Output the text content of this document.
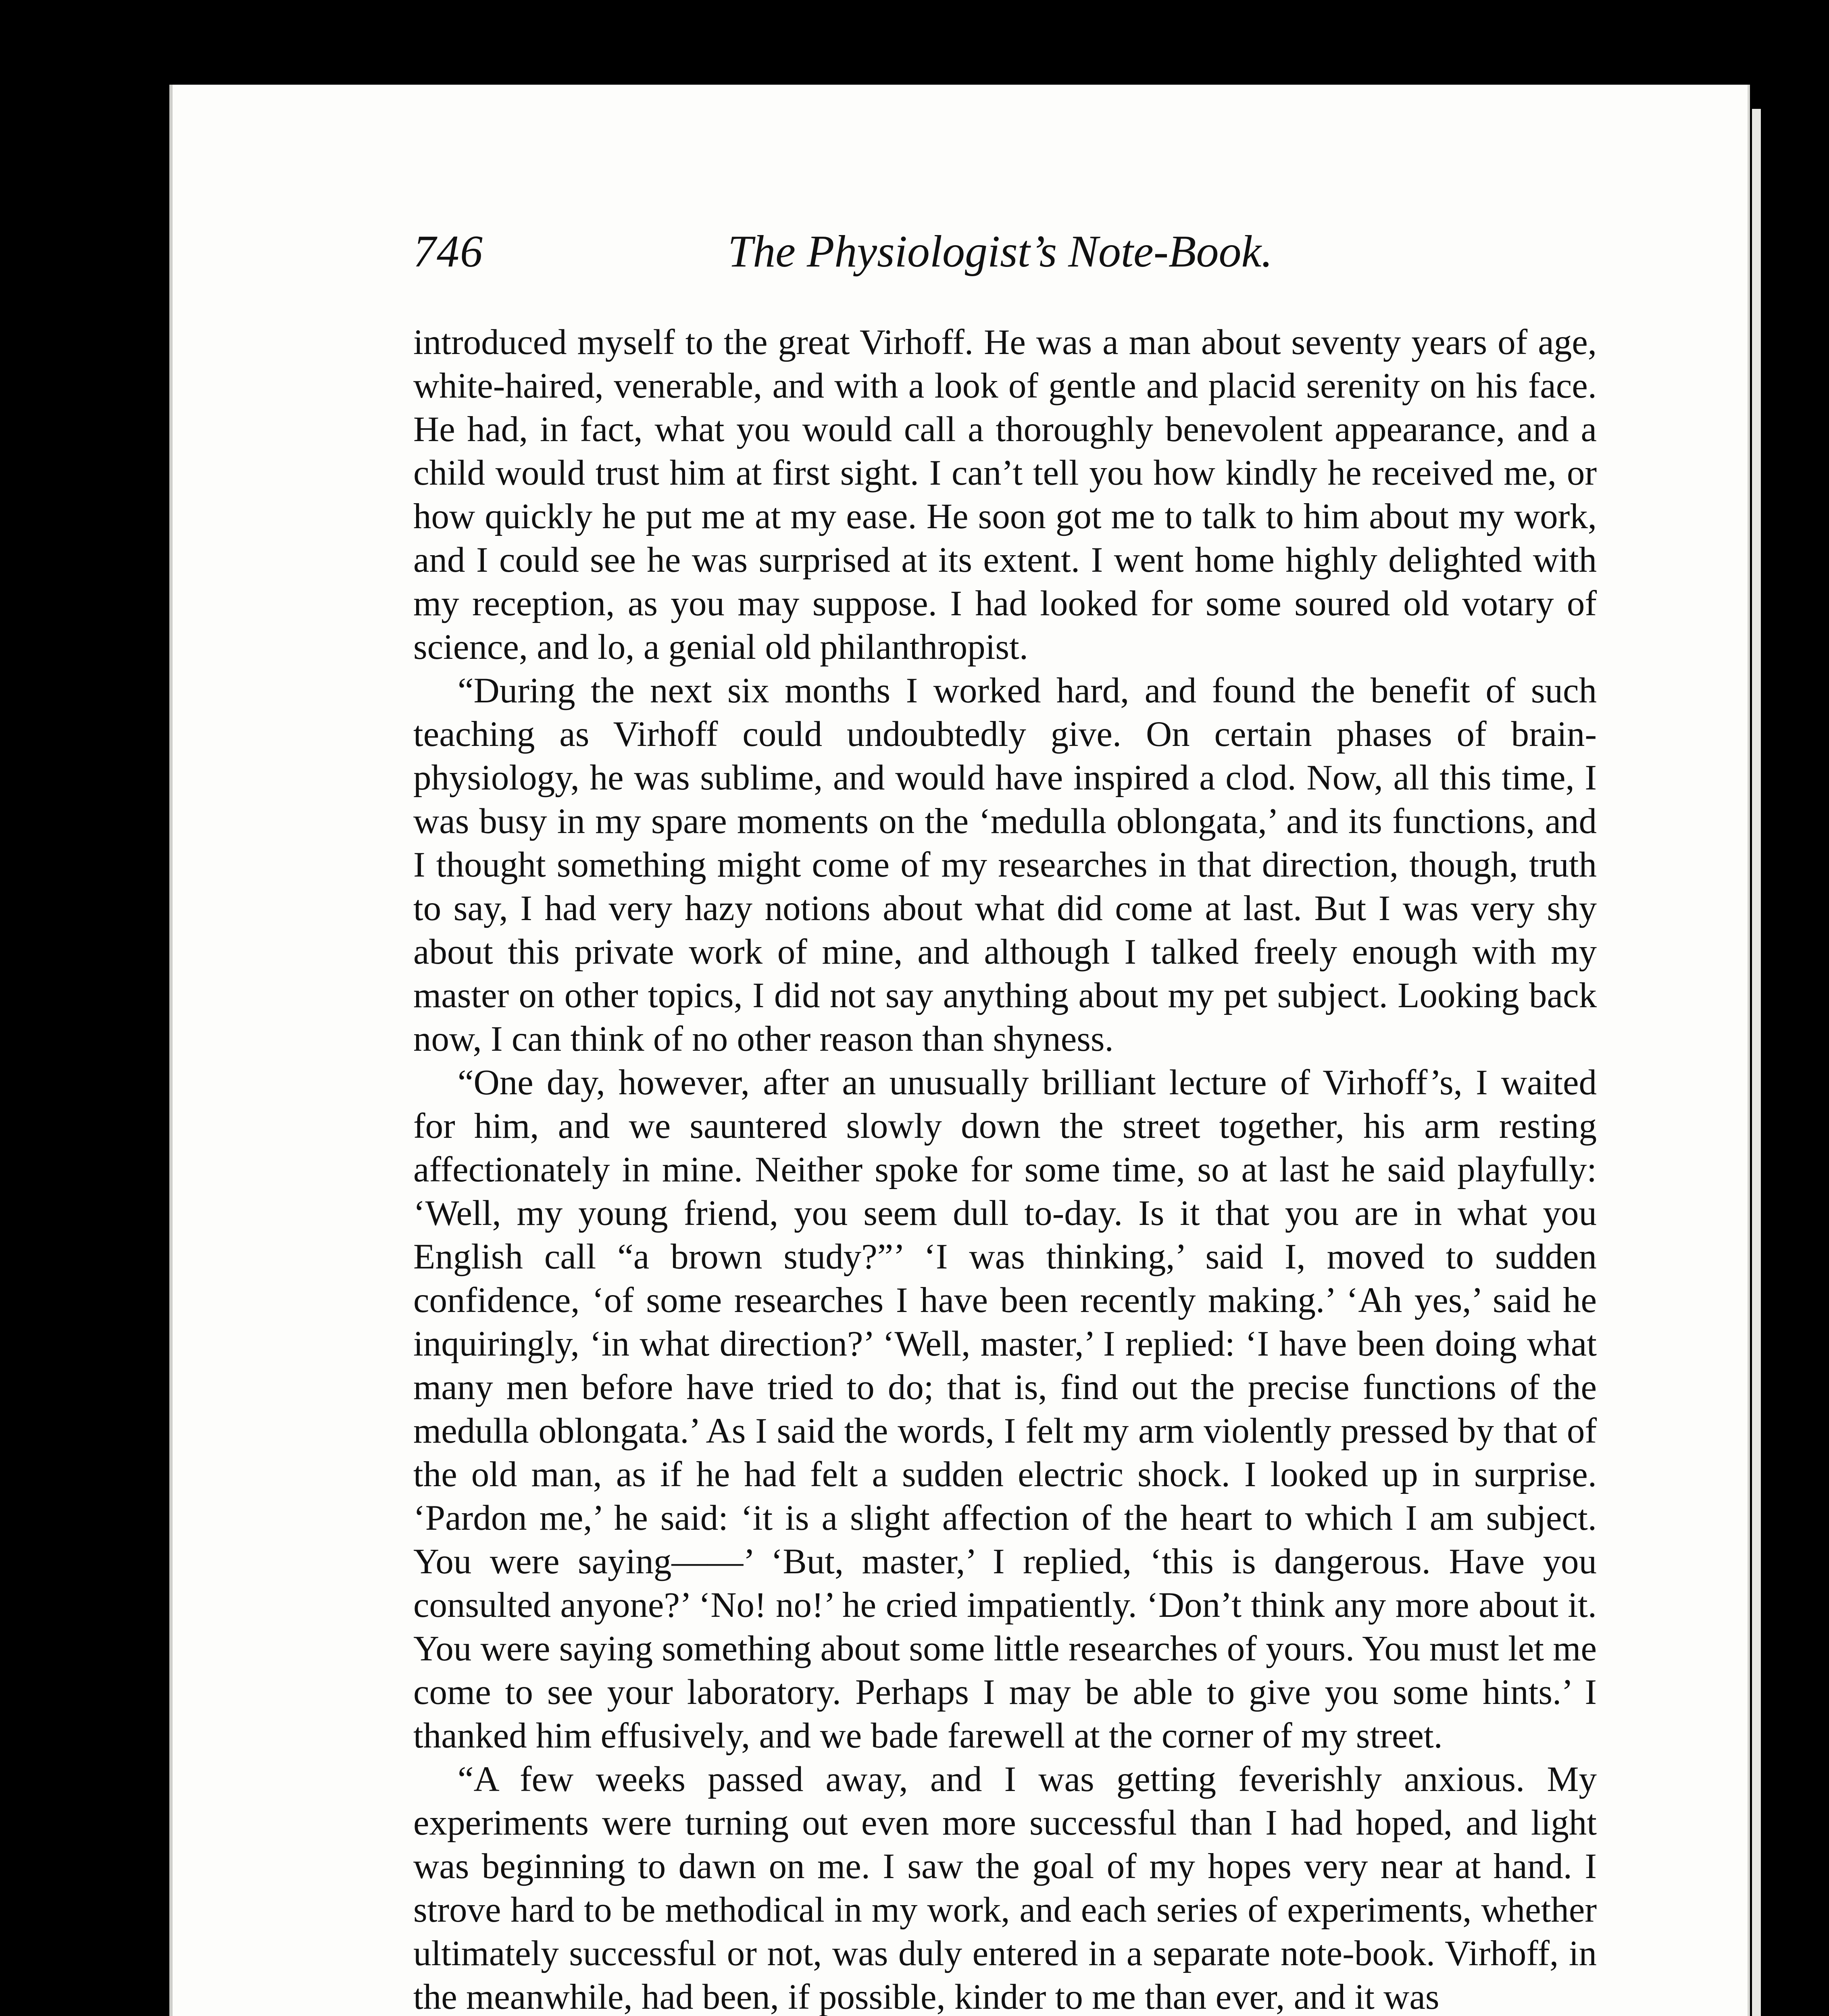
746	The Physiologist’s Note-Book.

introduced myself to the great Virhoff. He was a man about seventy years of age, white-haired, venerable, and with a look of gentle and placid serenity on his face. He had, in fact, what you would call a thoroughly benevolent appearance, and a child would trust him at first sight. I can’t tell you how kindly he received me, or how quickly he put me at my ease. He soon got me to talk to him about my work, and I could see he was surprised at its extent. I went home highly delighted with my reception, as you may suppose. I had looked for some soured old votary of science, and lo, a genial old philanthropist.

“During the next six months I worked hard, and found the benefit of such teaching as Virhoff could undoubtedly give. On certain phases of brain-physiology, he was sublime, and would have inspired a clod. Now, all this time, I was busy in my spare moments on the ‘medulla oblongata,’ and its functions, and I thought something might come of my researches in that direction, though, truth to say, I had very hazy notions about what did come at last. But I was very shy about this private work of mine, and although I talked freely enough with my master on other topics, I did not say anything about my pet subject. Looking back now, I can think of no other reason than shyness.

“One day, however, after an unusually brilliant lecture of Virhoff’s, I waited for him, and we sauntered slowly down the street together, his arm resting affectionately in mine. Neither spoke for some time, so at last he said playfully: ‘Well, my young friend, you seem dull to-day. Is it that you are in what you English call “a brown study?”’ ‘I was thinking,’ said I, moved to sudden confidence, ‘of some researches I have been recently making.’ ‘Ah yes,’ said he inquiringly, ‘in what direction?’ ‘Well, master,’ I replied: ‘I have been doing what many men before have tried to do; that is, find out the precise functions of the medulla oblongata.’ As I said the words, I felt my arm violently pressed by that of the old man, as if he had felt a sudden electric shock. I looked up in surprise. ‘Pardon me,’ he said: ‘it is a slight affection of the heart to which I am subject. You were saying——’ ‘But, master,’ I replied, ‘this is dangerous. Have you consulted anyone?’ ‘No! no!’ he cried impatiently. ‘Don’t think any more about it. You were saying something about some little researches of yours. You must let me come to see your laboratory. Perhaps I may be able to give you some hints.’ I thanked him effusively, and we bade farewell at the corner of my street.

“A few weeks passed away, and I was getting feverishly anxious. My experiments were turning out even more successful than I had hoped, and light was beginning to dawn on me. I saw the goal of my hopes very near at hand. I strove hard to be methodical in my work, and each series of experiments, whether ultimately successful or not, was duly entered in a separate note-book. Virhoff, in the meanwhile, had been, if possible, kinder to me than ever, and it was
